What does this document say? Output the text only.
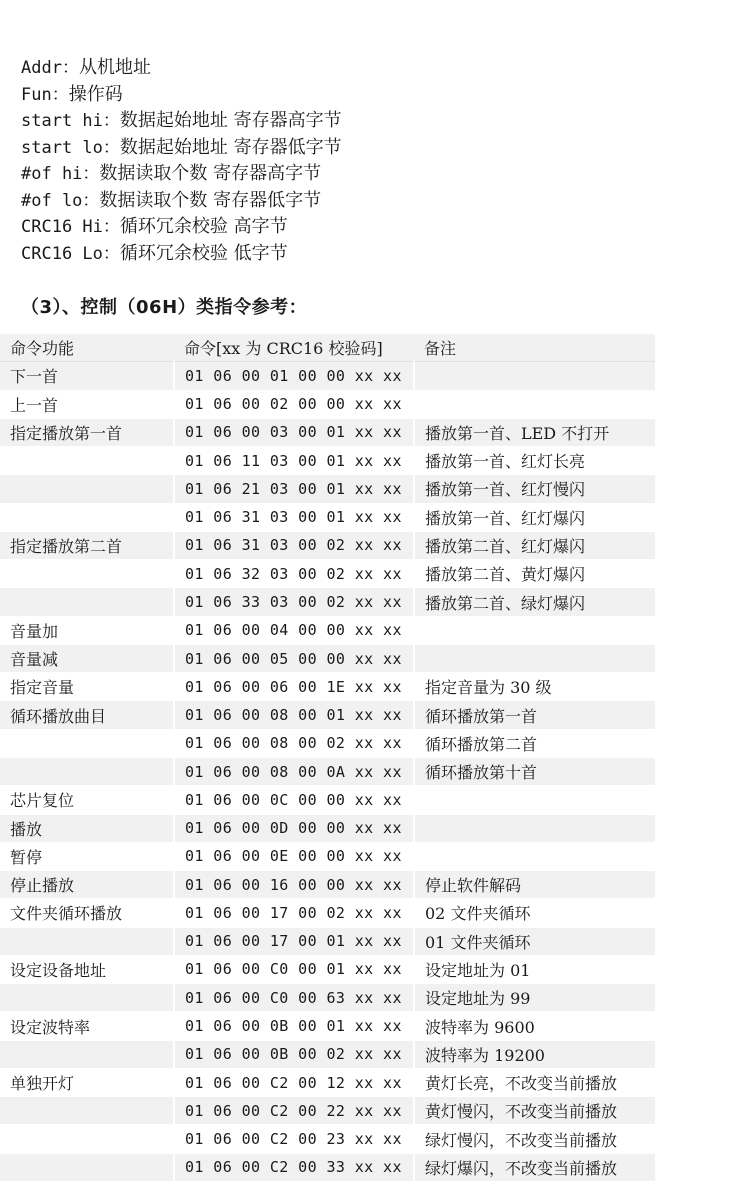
Addr：从机地址
Fun：操作码
start hi：数据起始地址 寄存器高字节
start lo：数据起始地址 寄存器低字节
#of hi：数据读取个数 寄存器高字节
#of lo：数据读取个数 寄存器低字节
CRC16 Hi：循环冗余校验 高字节
CRC16 Lo：循环冗余校验 低字节
（3）、控制（06H）类指令参考：
命令功能	命令[xx 为 CRC16 校验码]	备注
下一首	01 06 00 01 00 00 xx xx	
上一首	01 06 00 02 00 00 xx xx	
指定播放第一首	01 06 00 03 00 01 xx xx	播放第一首、LED 不打开
	01 06 11 03 00 01 xx xx	播放第一首、红灯长亮
	01 06 21 03 00 01 xx xx	播放第一首、红灯慢闪
	01 06 31 03 00 01 xx xx	播放第一首、红灯爆闪
指定播放第二首	01 06 31 03 00 02 xx xx	播放第二首、红灯爆闪
	01 06 32 03 00 02 xx xx	播放第二首、黄灯爆闪
	01 06 33 03 00 02 xx xx	播放第二首、绿灯爆闪
音量加	01 06 00 04 00 00 xx xx	
音量减	01 06 00 05 00 00 xx xx	
指定音量	01 06 00 06 00 1E xx xx	指定音量为 30 级
循环播放曲目	01 06 00 08 00 01 xx xx	循环播放第一首
	01 06 00 08 00 02 xx xx	循环播放第二首
	01 06 00 08 00 0A xx xx	循环播放第十首
芯片复位	01 06 00 0C 00 00 xx xx	
播放	01 06 00 0D 00 00 xx xx	
暂停	01 06 00 0E 00 00 xx xx	
停止播放	01 06 00 16 00 00 xx xx	停止软件解码
文件夹循环播放	01 06 00 17 00 02 xx xx	02 文件夹循环
	01 06 00 17 00 01 xx xx	01 文件夹循环
设定设备地址	01 06 00 C0 00 01 xx xx	设定地址为 01
	01 06 00 C0 00 63 xx xx	设定地址为 99
设定波特率	01 06 00 0B 00 01 xx xx	波特率为 9600
	01 06 00 0B 00 02 xx xx	波特率为 19200
单独开灯	01 06 00 C2 00 12 xx xx	黄灯长亮，不改变当前播放
	01 06 00 C2 00 22 xx xx	黄灯慢闪，不改变当前播放
	01 06 00 C2 00 23 xx xx	绿灯慢闪，不改变当前播放
	01 06 00 C2 00 33 xx xx	绿灯爆闪，不改变当前播放
